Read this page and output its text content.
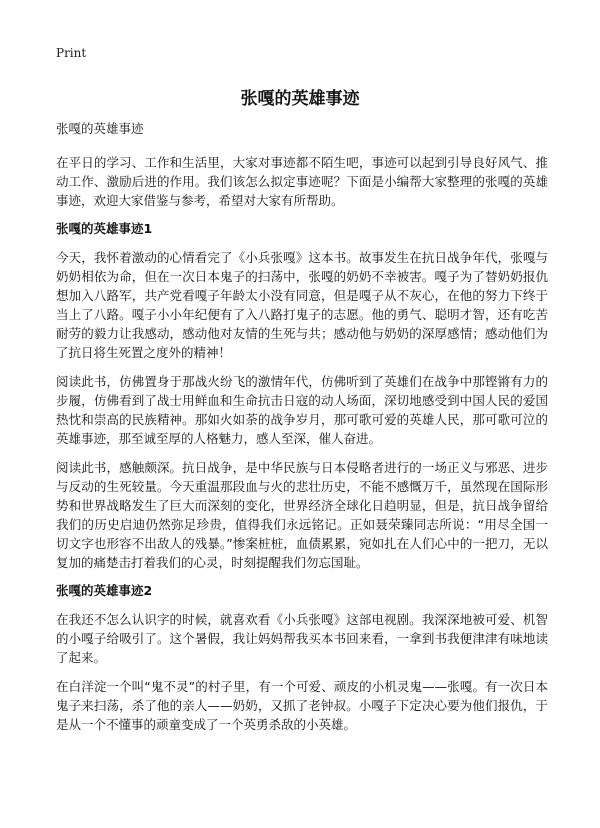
Print
张嘎的英雄事迹

张嘎的英雄事迹

在平日的学习、工作和生活里，大家对事迹都不陌生吧，事迹可以起到引导良好风气、推动工作、激励后进的作用。我们该怎么拟定事迹呢？下面是小编帮大家整理的张嘎的英雄事迹，欢迎大家借鉴与参考，希望对大家有所帮助。

张嘎的英雄事迹1

今天，我怀着激动的心情看完了《小兵张嘎》这本书。故事发生在抗日战争年代，张嘎与奶奶相依为命，但在一次日本鬼子的扫荡中，张嘎的奶奶不幸被害。嘎子为了替奶奶报仇想加入八路军，共产党看嘎子年龄太小没有同意，但是嘎子从不灰心，在他的努力下终于当上了八路。嘎子小小年纪便有了入八路打鬼子的志愿。他的勇气、聪明才智，还有吃苦耐劳的毅力让我感动，感动他对友情的生死与共；感动他与奶奶的深厚感情；感动他们为了抗日将生死置之度外的精神！

阅读此书，仿佛置身于那战火纷飞的激情年代，仿佛听到了英雄们在战争中那铿锵有力的步履，仿佛看到了战士用鲜血和生命抗击日寇的动人场面，深切地感受到中国人民的爱国热忱和崇高的民族精神。那如火如荼的战争岁月，那可歌可爱的英雄人民，那可歌可泣的英雄事迹，那至诚至厚的人格魅力，感人至深，催人奋进。

阅读此书，感触颇深。抗日战争，是中华民族与日本侵略者进行的一场正义与邪恶、进步与反动的生死较量。今天重温那段血与火的悲壮历史，不能不感慨万千，虽然现在国际形势和世界战略发生了巨大而深刻的变化，世界经济全球化日趋明显，但是，抗日战争留给我们的历史启迪仍然弥足珍贵，值得我们永远铭记。正如聂荣臻同志所说：“用尽全国一切文字也形容不出敌人的残暴。”惨案桩桩，血债累累，宛如扎在人们心中的一把刀，无以复加的痛楚击打着我们的心灵，时刻提醒我们勿忘国耻。

张嘎的英雄事迹2

在我还不怎么认识字的时候，就喜欢看《小兵张嘎》这部电视剧。我深深地被可爱、机智的小嘎子给吸引了。这个暑假，我让妈妈帮我买本书回来看，一拿到书我便津津有味地读了起来。

在白洋淀一个叫“鬼不灵”的村子里，有一个可爱、顽皮的小机灵鬼——张嘎。有一次日本鬼子来扫荡，杀了他的亲人——奶奶，又抓了老钟叔。小嘎子下定决心要为他们报仇，于是从一个不懂事的顽童变成了一个英勇杀敌的小英雄。
